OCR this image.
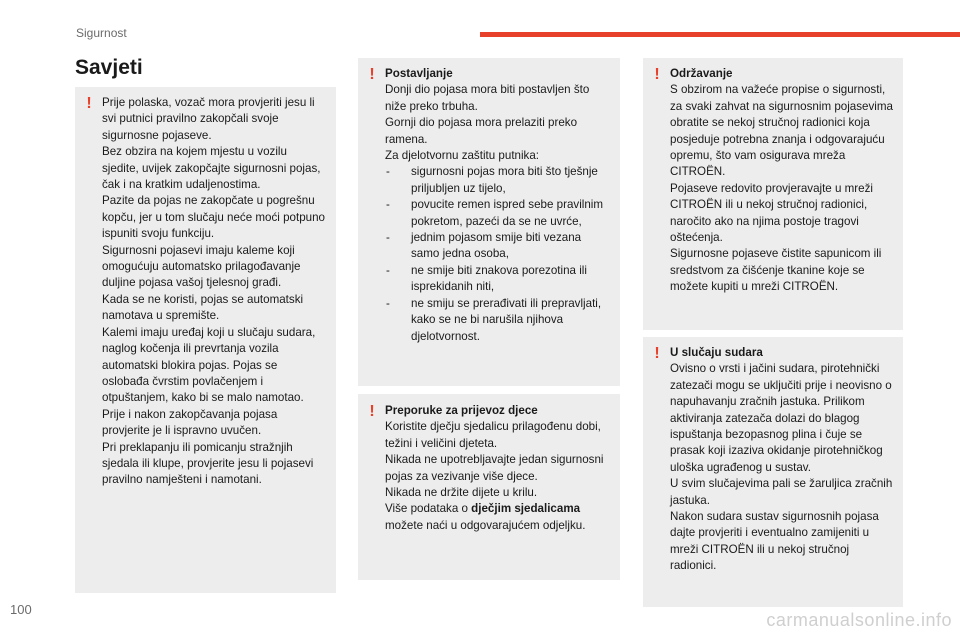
Sigurnost
Savjeti
! Prije polaska, vozač mora provjeriti jesu li svi putnici pravilno zakopčali svoje sigurnosne pojaseve.

Bez obzira na kojem mjestu u vozilu sjedite, uvijek zakopčajte sigurnosni pojas, čak i na kratkim udaljenostima.

Pazite da pojas ne zakopčate u pogrešnu kopču, jer u tom slučaju neće moći potpuno ispuniti svoju funkciju.

Sigurnosni pojasevi imaju kaleme koji omogućuju automatsko prilagođavanje duljine pojasa vašoj tjelesnoj građi.

Kada se ne koristi, pojas se automatski namotava u spremište.

Kalemi imaju uređaj koji u slučaju sudara, naglog kočenja ili prevrtanja vozila automatski blokira pojas. Pojas se oslobađa čvrstim povlačenjem i otpuštanjem, kako bi se malo namotao.

Prije i nakon zakopčavanja pojasa provjerite je li ispravno uvučen.

Pri preklapanju ili pomicanju stražnjih sjedala ili klupe, provjerite jesu li pojasevi pravilno namješteni i namotani.

! Postavljanje

Donji dio pojasa mora biti postavljen što niže preko trbuha.

Gornji dio pojasa mora prelaziti preko ramena.

Za djelotvornu zaštitu putnika:

- sigurnosni pojas mora biti što tješnje priljubljen uz tijelo,
- povucite remen ispred sebe pravilnim pokretom, pazeći da se ne uvrće,
- jednim pojasom smije biti vezana samo jedna osoba,
- ne smije biti znakova porezotina ili isprekidanih niti,
- ne smiju se prerađivati ili prepravljati, kako se ne bi narušila njihova djelotvornost.
! Preporuke za prijevoz djece

Koristite dječju sjedalicu prilagođenu dobi, težini i veličini djeteta.

Nikada ne upotrebljavajte jedan sigurnosni pojas za vezivanje više djece.

Nikada ne držite dijete u krilu.

Više podataka o dječjim sjedalicama možete naći u odgovarajućem odjeljku.

! Održavanje

S obzirom na važeće propise o sigurnosti, za svaki zahvat na sigurnosnim pojasevima obratite se nekoj stručnoj radionici koja posjeduje potrebna znanja i odgovarajuću opremu, što vam osigurava mreža CITROËN.

Pojaseve redovito provjeravajte u mreži CITROËN ili u nekoj stručnoj radionici, naročito ako na njima postoje tragovi oštećenja.

Sigurnosne pojaseve čistite sapunicom ili sredstvom za čišćenje tkanine koje se možete kupiti u mreži CITROËN.

! U slučaju sudara

Ovisno o vrsti i jačini sudara, pirotehnički zatezači mogu se uključiti prije i neovisno o napuhavanju zračnih jastuka. Prilikom aktiviranja zatezača dolazi do blagog ispuštanja bezopasnog plina i čuje se prasak koji izaziva okidanje pirotehničkog uloška ugrađenog u sustav.

U svim slučajevima pali se žaruljica zračnih jastuka.

Nakon sudara sustav sigurnosnih pojasa dajte provjeriti i eventualno zamijeniti u mreži CITROËN ili u nekoj stručnoj radionici.

100
carmanualsonline.info
